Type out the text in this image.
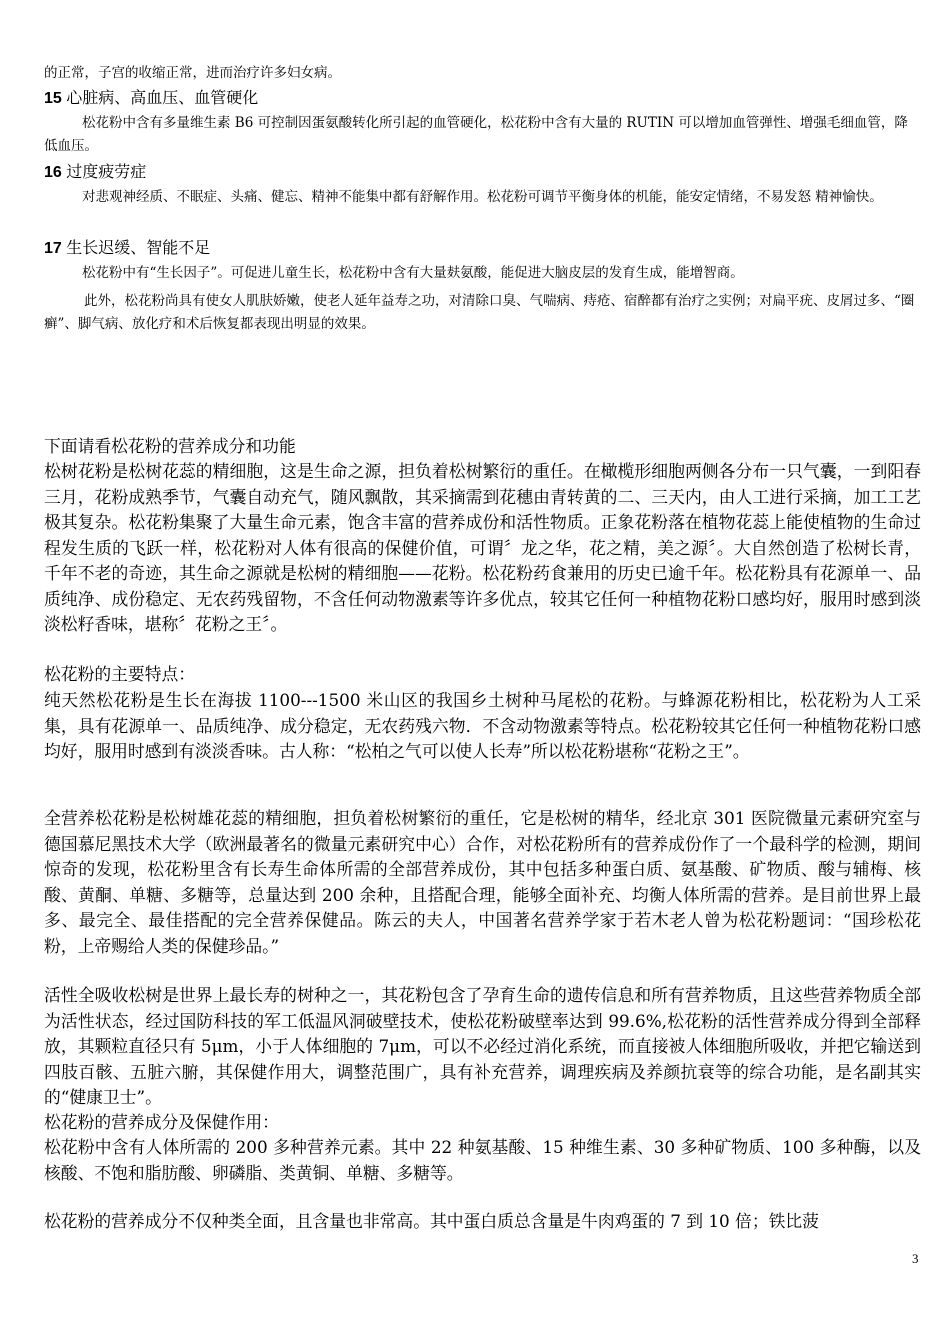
的正常，子宫的收缩正常，进而治疗许多妇女病。

15 心脏病、高血压、血管硬化

松花粉中含有多量维生素 B6 可控制因蛋氨酸转化所引起的血管硬化，松花粉中含有大量的 RUTIN 可以增加血管弹性、增强毛细血管，降低血压。

16 过度疲劳症

对悲观神经质、不眠症、头痛、健忘、精神不能集中都有舒解作用。松花粉可调节平衡身体的机能，能安定情绪，不易发怒 精神愉快。

17 生长迟缓、智能不足

松花粉中有“生长因子”。可促进儿童生长，松花粉中含有大量麸氨酸，能促进大脑皮层的发育生成，能增智商。

此外，松花粉尚具有使女人肌肤娇嫩，使老人延年益寿之功，对清除口臭、气喘病、痔疮、宿醉都有治疗之实例；对扁平疣、皮屑过多、“圈癣”、脚气病、放化疗和术后恢复都表现出明显的效果。

下面请看松花粉的营养成分和功能

松树花粉是松树花蕊的精细胞，这是生命之源，担负着松树繁衍的重任。在橄榄形细胞两侧各分布一只气囊，一到阳春三月，花粉成熟季节，气囊自动充气，随风飘散，其采摘需到花穗由青转黄的二、三天内，由人工进行采摘，加工工艺极其复杂。松花粉集聚了大量生命元素，饱含丰富的营养成份和活性物质。正象花粉落在植物花蕊上能使植物的生命过程发生质的飞跃一样，松花粉对人体有很高的保健价值，可谓〞龙之华，花之精，美之源〞。大自然创造了松树长青，千年不老的奇迹，其生命之源就是松树的精细胞——花粉。松花粉药食兼用的历史已逾千年。松花粉具有花源单一、品质纯净、成份稳定、无农药残留物，不含任何动物激素等许多优点，较其它任何一种植物花粉口感均好，服用时感到淡淡松籽香味，堪称〞花粉之王〞。

松花粉的主要特点：

纯天然松花粉是生长在海拔 1100---1500 米山区的我国乡土树种马尾松的花粉。与蜂源花粉相比，松花粉为人工采集，具有花源单一、品质纯净、成分稳定，无农药残六物．不含动物激素等特点。松花粉较其它任何一种植物花粉口感均好，服用时感到有淡淡香味。古人称：“松柏之气可以使人长寿”所以松花粉堪称“花粉之王”。

全营养松花粉是松树雄花蕊的精细胞，担负着松树繁衍的重任，它是松树的精华，经北京 301 医院微量元素研究室与德国慕尼黑技术大学（欧洲最著名的微量元素研究中心）合作，对松花粉所有的营养成份作了一个最科学的检测，期间惊奇的发现，松花粉里含有长寿生命体所需的全部营养成份，其中包括多种蛋白质、氨基酸、矿物质、酸与辅梅、核酸、黄酮、单糖、多糖等，总量达到 200 余种，且搭配合理，能够全面补充、均衡人体所需的营养。是目前世界上最多、最完全、最佳搭配的完全营养保健品。陈云的夫人，中国著名营养学家于若木老人曾为松花粉题词：“国珍松花粉，上帝赐给人类的保健珍品。”

活性全吸收松树是世界上最长寿的树种之一，其花粉包含了孕育生命的遗传信息和所有营养物质，且这些营养物质全部为活性状态，经过国防科技的军工低温风洞破壁技术，使松花粉破壁率达到 99.6%,松花粉的活性营养成分得到全部释放，其颗粒直径只有 5μm，小于人体细胞的 7μm，可以不必经过消化系统，而直接被人体细胞所吸收，并把它输送到四肢百骸、五脏六腑，其保健作用大，调整范围广，具有补充营养，调理疾病及养颜抗衰等的综合功能，是名副其实的“健康卫士”。

松花粉的营养成分及保健作用：

松花粉中含有人体所需的 200 多种营养元素。其中 22 种氨基酸、15 种维生素、30 多种矿物质、100 多种酶，以及核酸、不饱和脂肪酸、卵磷脂、类黄铜、单糖、多糖等。

松花粉的营养成分不仅种类全面，且含量也非常高。其中蛋白质总含量是牛肉鸡蛋的 7 到 10 倍；铁比菠

3
